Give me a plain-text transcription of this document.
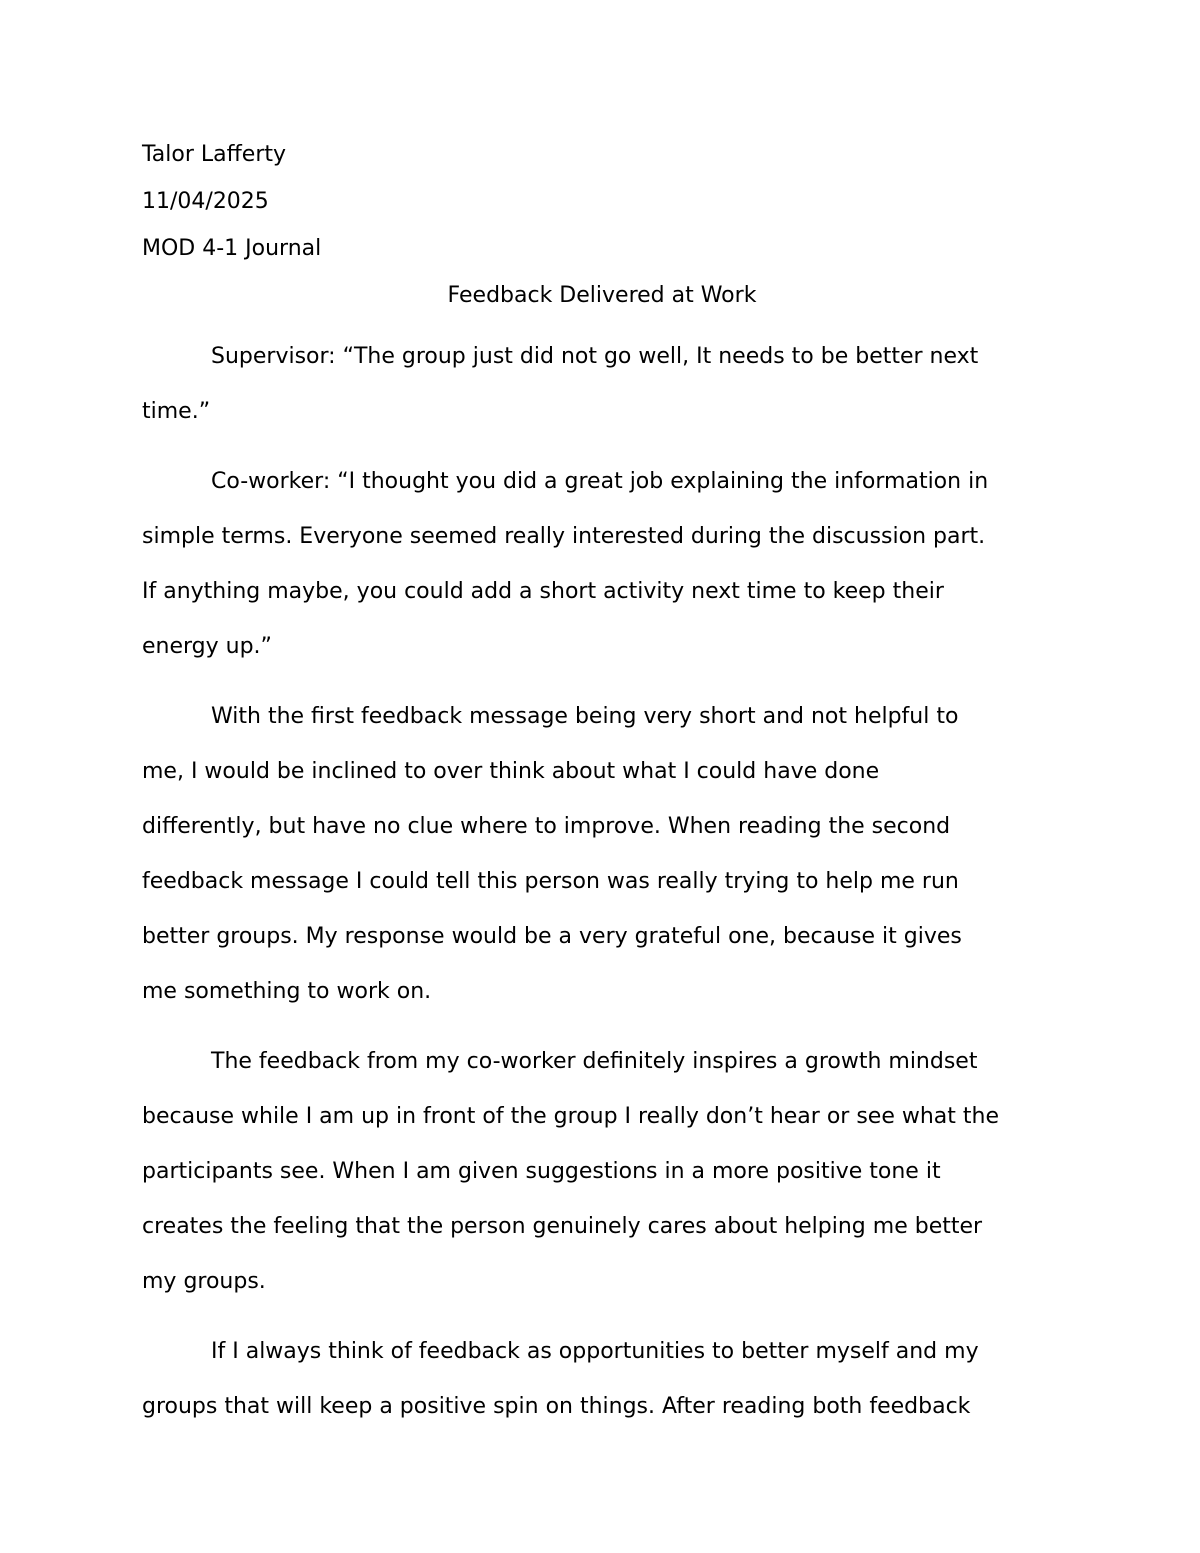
Talor Lafferty

11/04/2025

MOD 4-1 Journal

Feedback Delivered at Work

Supervisor: “The group just did not go well, It needs to be better next
time.”
Co-worker: “I thought you did a great job explaining the information in
simple terms. Everyone seemed really interested during the discussion part.
If anything maybe, you could add a short activity next time to keep their
energy up.”
With the first feedback message being very short and not helpful to
me, I would be inclined to over think about what I could have done
differently, but have no clue where to improve. When reading the second
feedback message I could tell this person was really trying to help me run
better groups. My response would be a very grateful one, because it gives
me something to work on.
The feedback from my co-worker definitely inspires a growth mindset
because while I am up in front of the group I really don’t hear or see what the
participants see. When I am given suggestions in a more positive tone it
creates the feeling that the person genuinely cares about helping me better
my groups.
If I always think of feedback as opportunities to better myself and my
groups that will keep a positive spin on things. After reading both feedback
